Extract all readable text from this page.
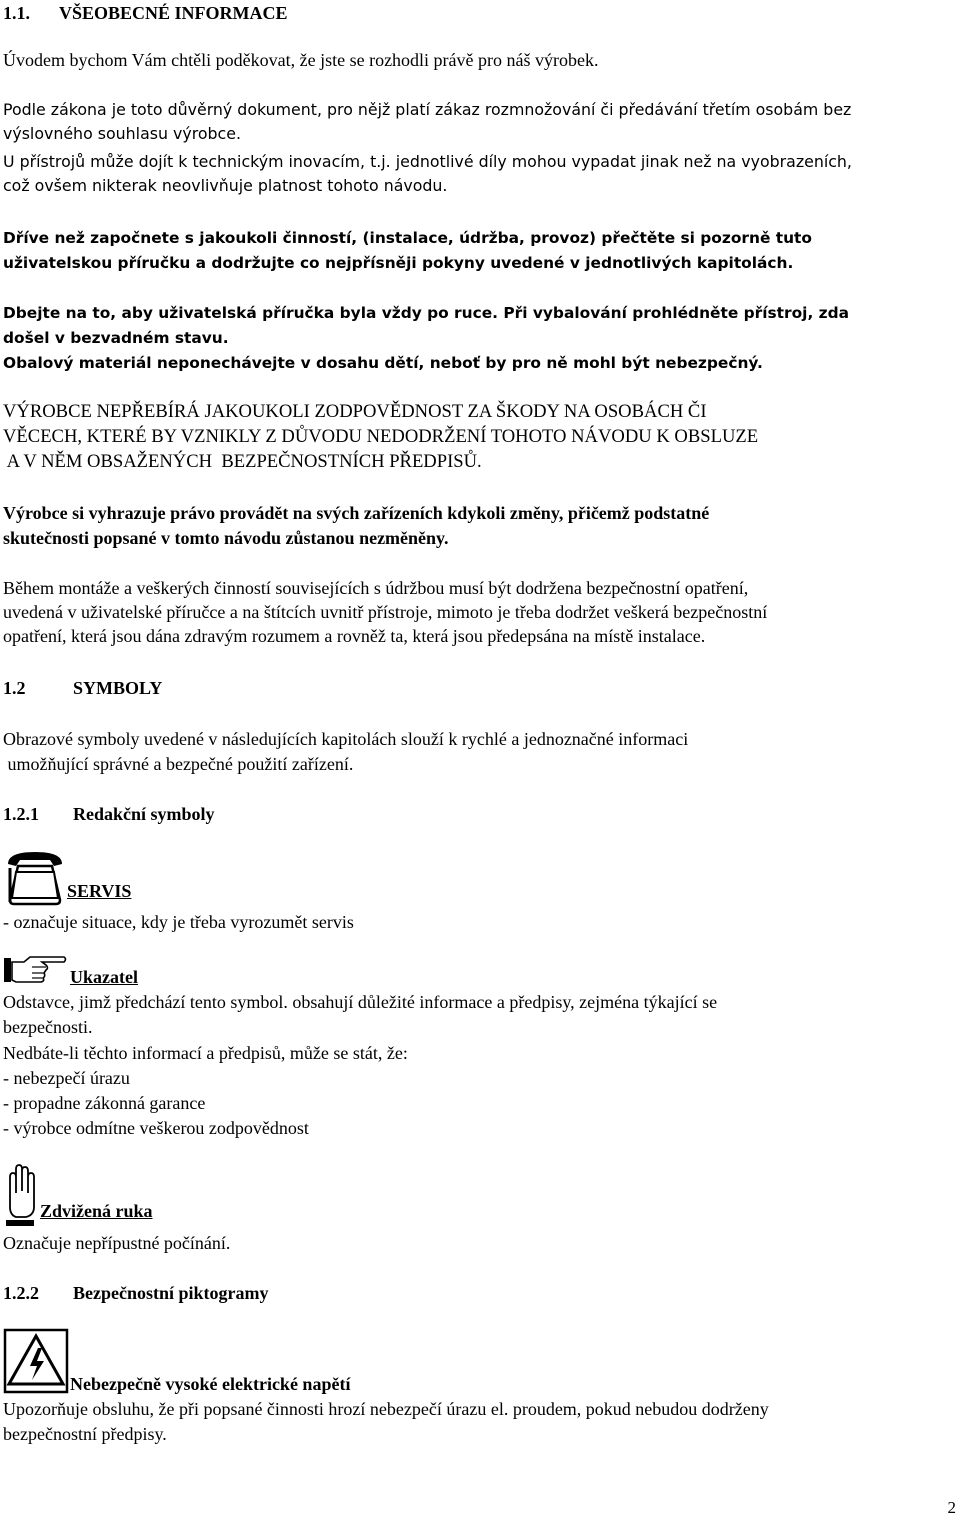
1.1. VŠEOBECNÉ INFORMACE
Úvodem bychom Vám chtěli poděkovat, že jste se rozhodli právě pro náš výrobek.
Podle zákona je toto důvěrný dokument, pro nějž platí zákaz rozmnožování či předávání třetím osobám bez
výslovného souhlasu výrobce.
U přístrojů může dojít k technickým inovacím, t.j. jednotlivé díly mohou vypadat jinak než na vyobrazeních,
což ovšem nikterak neovlivňuje platnost tohoto návodu.
Dříve než započnete s jakoukoli činností, (instalace, údržba, provoz) přečtěte si pozorně tuto
uživatelskou příručku a dodržujte co nejpřísněji pokyny uvedené v jednotlivých kapitolách.
Dbejte na to, aby uživatelská příručka byla vždy po ruce. Při vybalování prohlédněte přístroj, zda
došel v bezvadném stavu.
Obalový materiál neponechávejte v dosahu dětí, neboť by pro ně mohl být nebezpečný.
VÝROBCE NEPŘEBÍRÁ JAKOUKOLI ZODPOVĚDNOST ZA ŠKODY NA OSOBÁCH ČI
VĚCECH, KTERÉ BY VZNIKLY Z DŮVODU NEDODRŽENÍ TOHOTO NÁVODU K OBSLUZE
A V NĚM OBSAŽENÝCH  BEZPEČNOSTNÍCH PŘEDPISŮ.
Výrobce si vyhrazuje právo provádět na svých zařízeních kdykoli změny, přičemž podstatné
skutečnosti popsané v tomto návodu zůstanou nezměněny.
Během montáže a veškerých činností souvisejících s údržbou musí být dodržena bezpečnostní opatření,
uvedená v uživatelské příručce a na štítcích uvnitř přístroje, mimoto je třeba dodržet veškerá bezpečnostní
opatření, která jsou dána zdravým rozumem a rovněž ta, která jsou předepsána na místě instalace.
1.2	SYMBOLY
Obrazové symboly uvedené v následujících kapitolách slouží k rychlé a jednoznačné informaci
umožňující správné a bezpečné použití zařízení.
1.2.1 Redakční symboly
SERVIS
- označuje situace, kdy je třeba vyrozumět servis
Ukazatel
Odstavce, jimž předchází tento symbol. obsahují důležité informace a předpisy, zejména týkající se
bezpečnosti.
Nedbáte-li těchto informací a předpisů, může se stát, že:
- nebezpečí úrazu
- propadne zákonná garance
- výrobce odmítne veškerou zodpovědnost
Zdvižená ruka
Označuje nepřípustné počínání.
1.2.2 Bezpečnostní piktogramy
Nebezpečně vysoké elektrické napětí
Upozorňuje obsluhu, že při popsané činnosti hrozí nebezpečí úrazu el. proudem, pokud nebudou dodrženy
bezpečnostní předpisy.
2
